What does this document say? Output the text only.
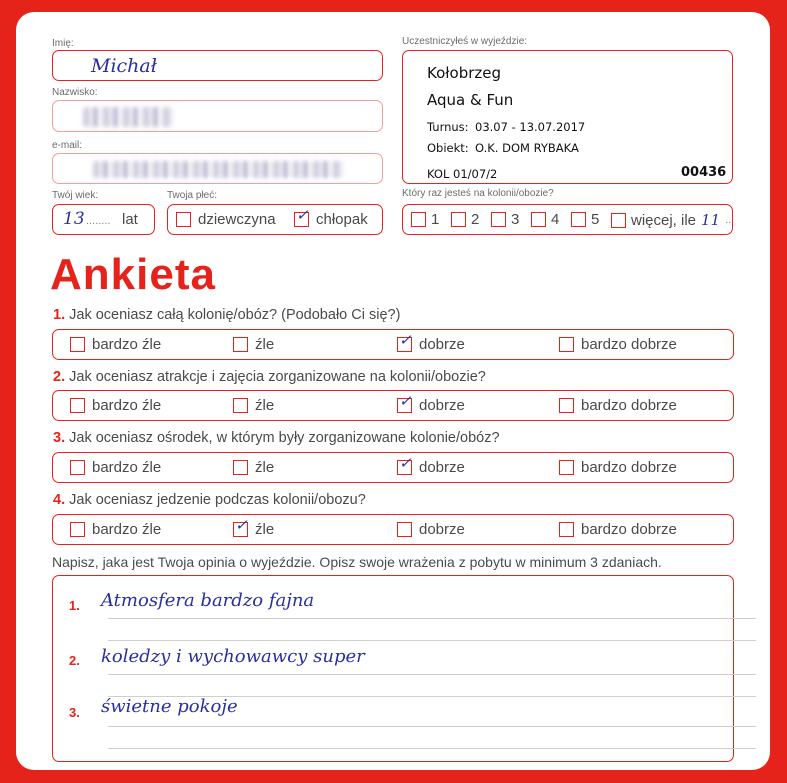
Imię:
Michał
Nazwisko:
e-mail:
Twój wiek:
13 ........ lat
Twoja płeć:
dziewczyna ✓ chłopak
Uczestniczyłeś w wyjeździe:
Kołobrzeg
Aqua & Fun
Turnus: 03.07 - 13.07.2017
Obiekt: O.K. DOM RYBAKA
KOL 01/07/2	00436
Który raz jesteś na kolonii/obozie?
1 2 3 4 5 więcej, ile 11 ..
Ankieta
1. Jak oceniasz całą kolonię/obóz? (Podobało Ci się?)
bardzo źle	źle	✓ dobrze	bardzo dobrze
2. Jak oceniasz atrakcje i zajęcia zorganizowane na kolonii/obozie?
bardzo źle	źle	✓ dobrze	bardzo dobrze
3. Jak oceniasz ośrodek, w którym były zorganizowane kolonie/obóz?
bardzo źle	źle	✓ dobrze	bardzo dobrze
4. Jak oceniasz jedzenie podczas kolonii/obozu?
bardzo źle	✓ źle	dobrze	bardzo dobrze
Napisz, jaka jest Twoja opinia o wyjeździe. Opisz swoje wrażenia z pobytu w minimum 3 zdaniach.
1. Atmosfera bardzo fajna
2. koledzy i wychowawcy super
3. świetne pokoje
